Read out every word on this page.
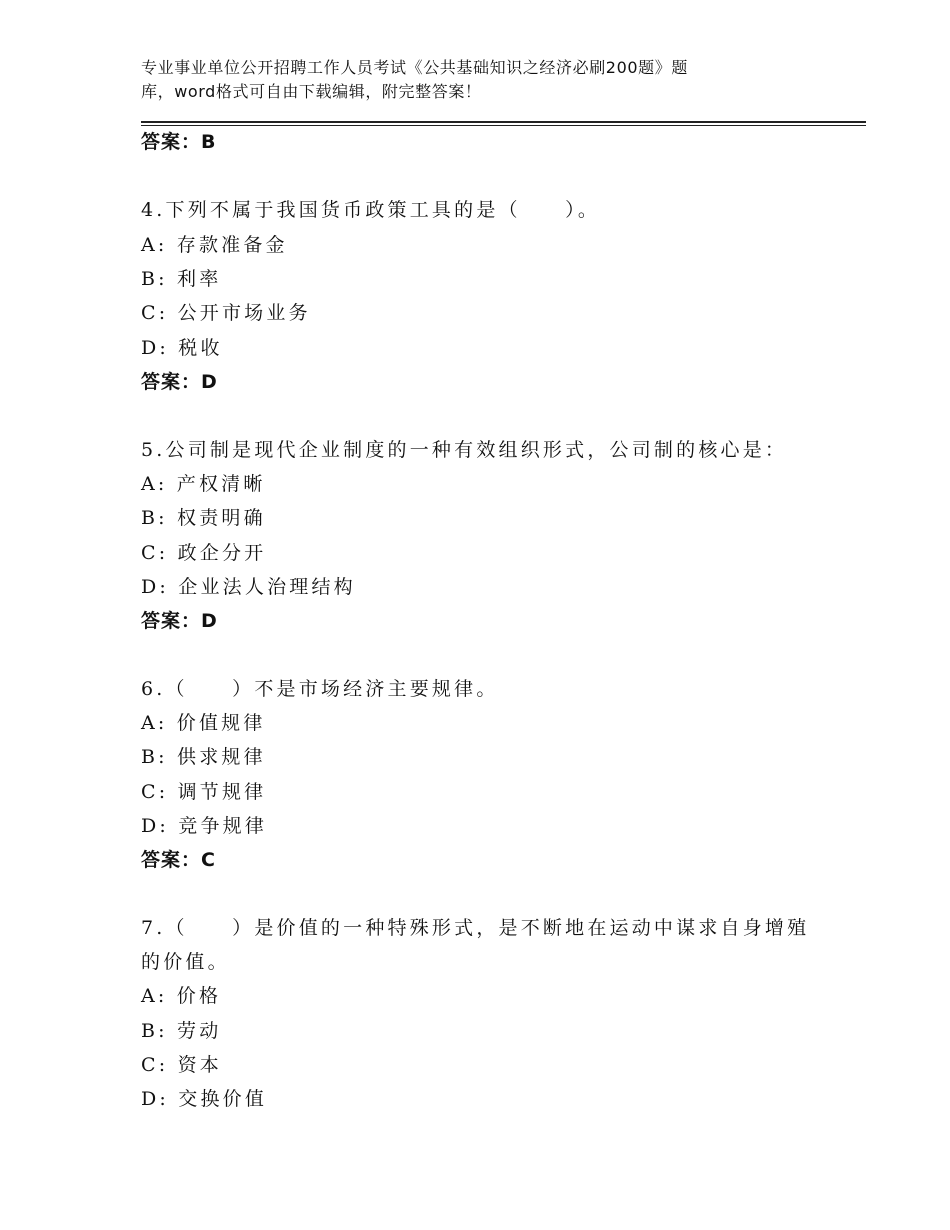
专业事业单位公开招聘工作人员考试《公共基础知识之经济必刷200题》题
库，word格式可自由下载编辑，附完整答案！
答案：B
4.下列不属于我国货币政策工具的是（　　）。
A: 存款准备金
B: 利率
C: 公开市场业务
D: 税收
答案：D
5.公司制是现代企业制度的一种有效组织形式，公司制的核心是：
A: 产权清晰
B: 权责明确
C: 政企分开
D: 企业法人治理结构
答案：D
6.（　　）不是市场经济主要规律。
A: 价值规律
B: 供求规律
C: 调节规律
D: 竞争规律
答案：C
7.（　　）是价值的一种特殊形式，是不断地在运动中谋求自身增殖
的价值。
A: 价格
B: 劳动
C: 资本
D: 交换价值
